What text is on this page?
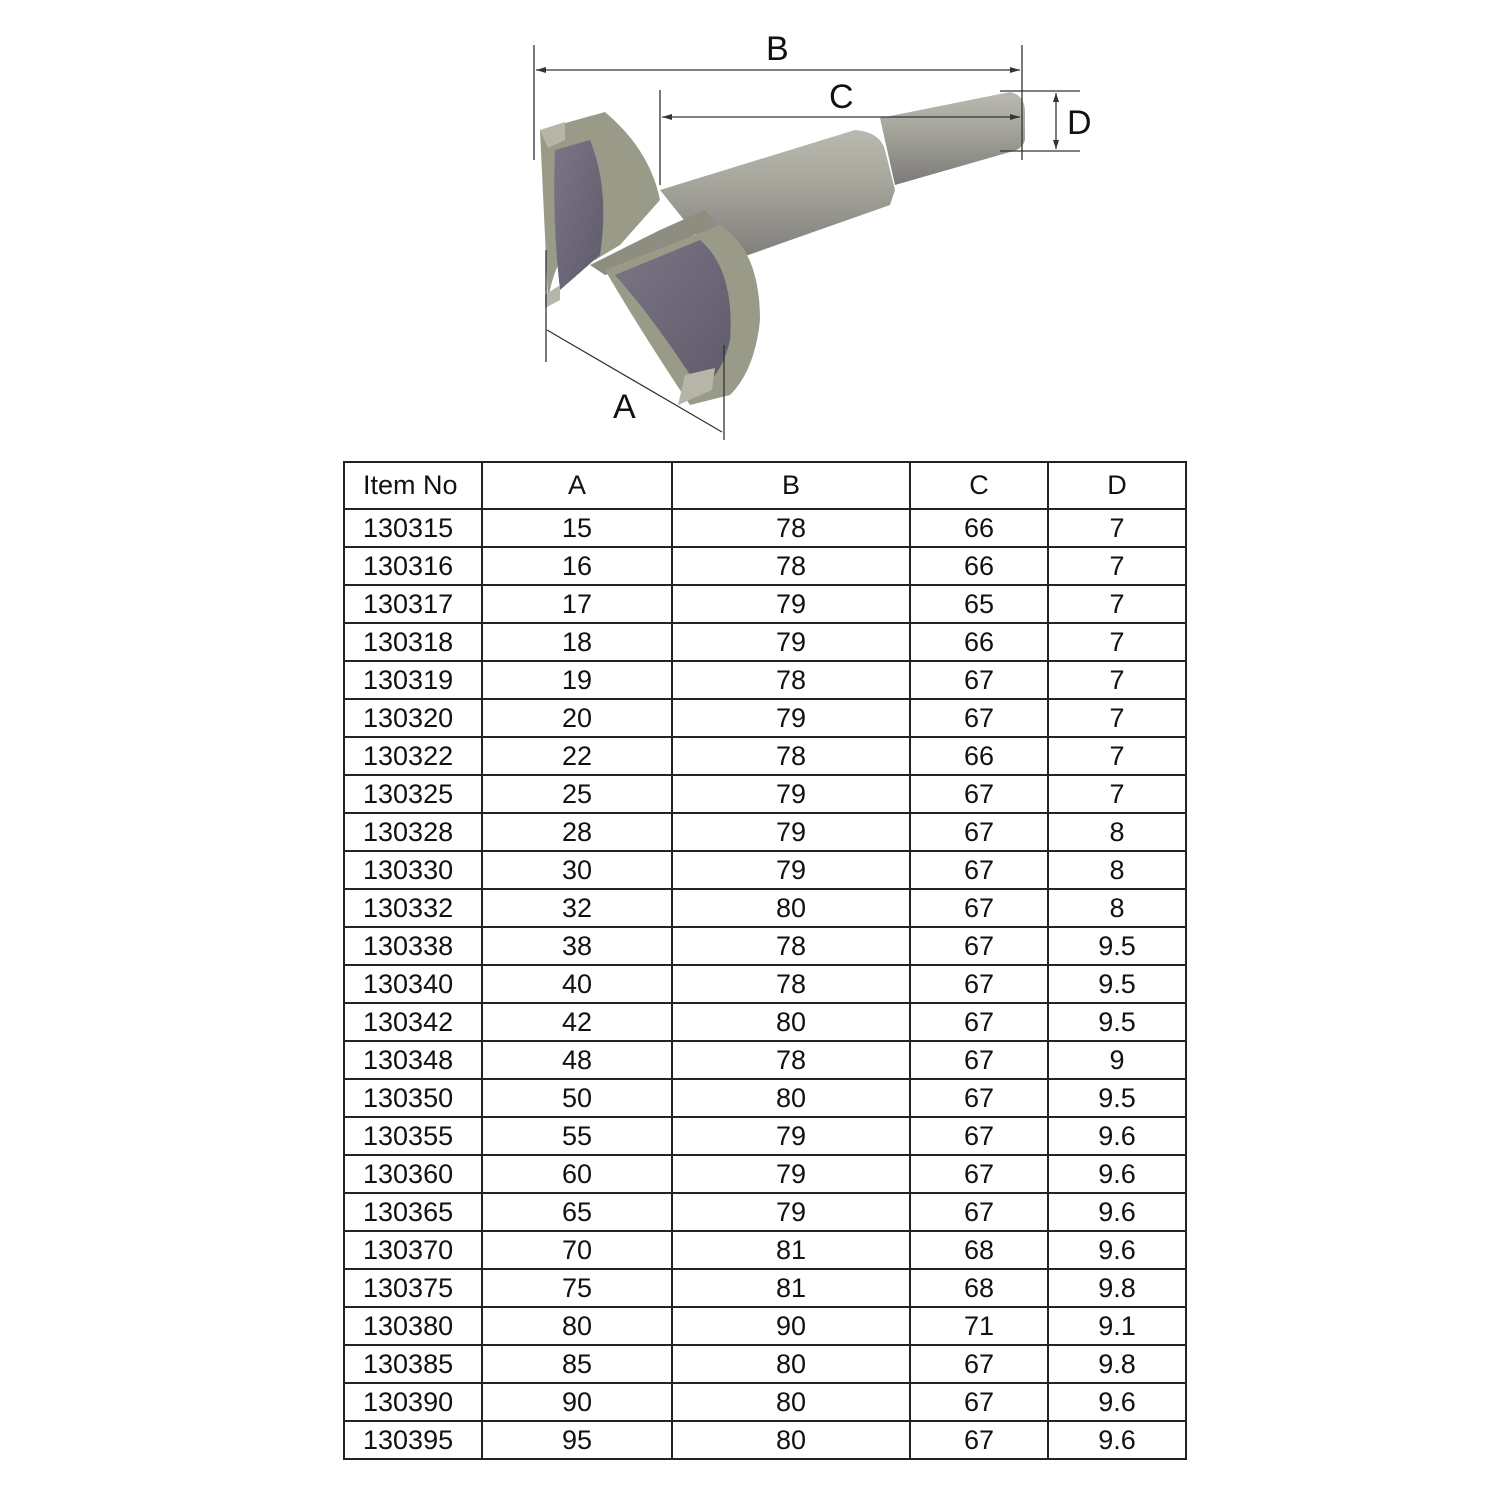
B
C
D
A
Item No	A	B	C	D
130315	15	78	66	7
130316	16	78	66	7
130317	17	79	65	7
130318	18	79	66	7
130319	19	78	67	7
130320	20	79	67	7
130322	22	78	66	7
130325	25	79	67	7
130328	28	79	67	8
130330	30	79	67	8
130332	32	80	67	8
130338	38	78	67	9.5
130340	40	78	67	9.5
130342	42	80	67	9.5
130348	48	78	67	9
130350	50	80	67	9.5
130355	55	79	67	9.6
130360	60	79	67	9.6
130365	65	79	67	9.6
130370	70	81	68	9.6
130375	75	81	68	9.8
130380	80	90	71	9.1
130385	85	80	67	9.8
130390	90	80	67	9.6
130395	95	80	67	9.6
